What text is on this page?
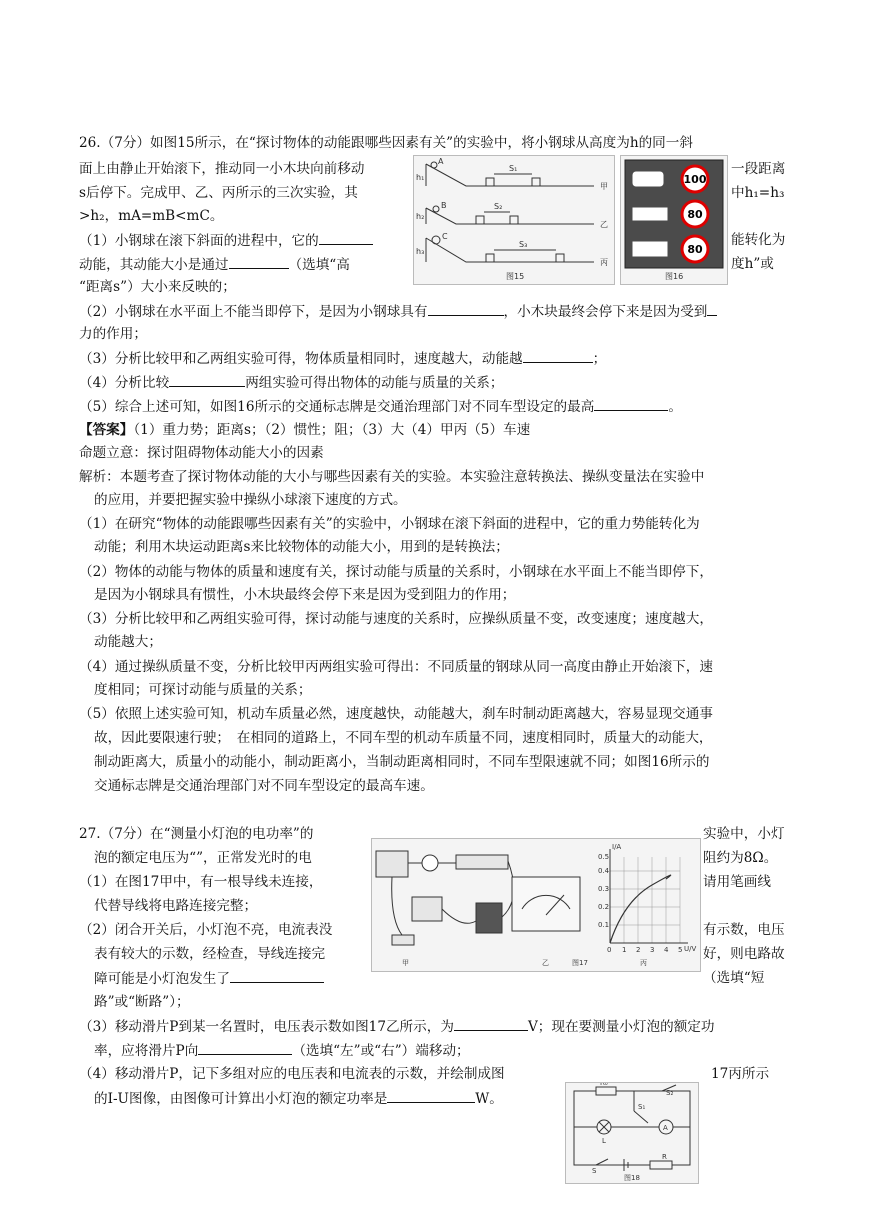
26.（7分）如图15所示，在“探讨物体的动能跟哪些因素有关”的实验中，将小钢球从高度为h的同一斜
面上由静止开始滚下，推动同一小木块向前移动	一段距离
s后停下。完成甲、乙、丙所示的三次实验，其	中h₁=h₃
>h₂，mA=mB<mC。
（1）小钢球在滚下斜面的进程中，它的	能转化为
动能，其动能大小是通过	（选填“高	度h”或
“距离s”）大小来反映的；
（2）小钢球在水平面上不能当即停下，是因为小钢球具有	，小木块最终会停下来是因为受到
力的作用；
（3）分析比较甲和乙两组实验可得，物体质量相同时，速度越大，动能越	；
（4）分析比较	两组实验可得出物体的动能与质量的关系；
（5）综合上述可知，如图16所示的交通标志牌是交通治理部门对不同车型设定的最高	。
【答案】（1）重力势；距离s；（2）惯性；阻；（3）大（4）甲丙（5）车速
命题立意：探讨阻碍物体动能大小的因素
解析：本题考查了探讨物体动能的大小与哪些因素有关的实验。本实验注意转换法、操纵变量法在实验中
的应用，并要把握实验中操纵小球滚下速度的方式。
（1）在研究“物体的动能跟哪些因素有关”的实验中，小钢球在滚下斜面的进程中，它的重力势能转化为
动能；利用木块运动距离s来比较物体的动能大小，用到的是转换法；
（2）物体的动能与物体的质量和速度有关，探讨动能与质量的关系时，小钢球在水平面上不能当即停下，
是因为小钢球具有惯性，小木块最终会停下来是因为受到阻力的作用；
（3）分析比较甲和乙两组实验可得，探讨动能与速度的关系时，应操纵质量不变，改变速度；速度越大，
动能越大；
（4）通过操纵质量不变，分析比较甲丙两组实验可得出：不同质量的钢球从同一高度由静止开始滚下，速
度相同；可探讨动能与质量的关系；
（5）依照上述实验可知，机动车质量必然，速度越快，动能越大，刹车时制动距离越大，容易显现交通事
故，因此要限速行驶；　在相同的道路上，不同车型的机动车质量不同，速度相同时，质量大的动能大，
制动距离大，质量小的动能小，制动距离小，当制动距离相同时，不同车型限速就不同；如图16所示的
交通标志牌是交通治理部门对不同车型设定的最高车速。
A
B
C
h₁
h₂
h₃
S₁
S₂
S₃
甲
乙
丙
图15
100
80
80
图16
27.（7分）在“测量小灯泡的电功率”的	实验中，小灯
泡的额定电压为“”，正常发光时的电	阻约为8Ω。
（1）在图17甲中，有一根导线未连接，	请用笔画线
代替导线将电路连接完整；
（2）闭合开关后，小灯泡不亮，电流表没	有示数，电压
表有较大的示数，经检查，导线连接完	好，则电路故
障可能是小灯泡发生了	（选填“短
路”或“断路”）；
（3）移动滑片P到某一名置时，电压表示数如图17乙所示，为	V；现在要测量小灯泡的额定功
率，应将滑片P向	（选填“左”或“右”）端移动；
（4）移动滑片P，记下多组对应的电压表和电流表的示数，并绘制成图	17丙所示
的I-U图像，由图像可计算出小灯泡的额定功率是	W。
I/A
U/V
0.5
0.4
0.3
0.2
0.1
0 1 2 3 4 5
甲	乙	丙
图17
R₀
S₂
S₁
L
A
S
R
图18
